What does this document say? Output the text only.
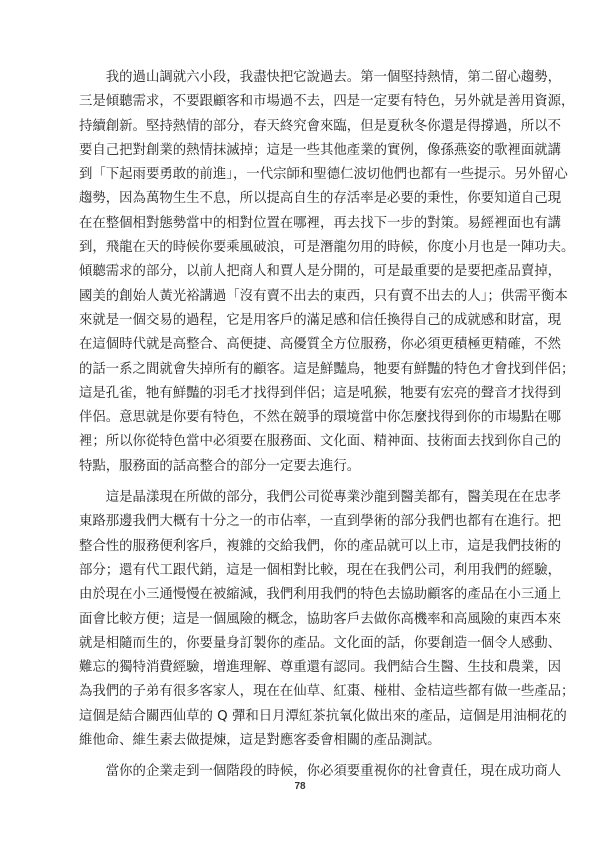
　　我的過山調就六小段，我盡快把它說過去。第一個堅持熱情，第二留心趨勢，
三是傾聽需求，不要跟顧客和市場過不去，四是一定要有特色，另外就是善用資源，
持續創新。堅持熱情的部分，春天終究會來臨，但是夏秋冬你還是得撐過，所以不
要自己把對創業的熱情抹滅掉；這是一些其他產業的實例，像孫燕姿的歌裡面就講
到「下起雨要勇敢的前進」，一代宗師和聖德仁波切他們也都有一些提示。另外留心
趨勢，因為萬物生生不息，所以提高自生的存活率是必要的秉性，你要知道自己現
在在整個相對態勢當中的相對位置在哪裡，再去找下一步的對策。易經裡面也有講
到，飛龍在天的時候你要乘風破浪，可是潛龍勿用的時候，你度小月也是一陣功夫。
傾聽需求的部分，以前人把商人和賈人是分開的，可是最重要的是要把產品賣掉，
國美的創始人黃光裕講過「沒有賣不出去的東西，只有賣不出去的人」；供需平衡本
來就是一個交易的過程，它是用客戶的滿足感和信任換得自己的成就感和財富，現
在這個時代就是高整合、高便捷、高優質全方位服務，你必須更積極更精確，不然
的話一系之間就會失掉所有的顧客。這是鮮豔鳥，牠要有鮮豔的特色才會找到伴侶；
這是孔雀，牠有鮮豔的羽毛才找得到伴侶；這是吼猴，牠要有宏亮的聲音才找得到
伴侶。意思就是你要有特色，不然在競爭的環境當中你怎麼找得到你的市場點在哪
裡；所以你從特色當中必須要在服務面、文化面、精神面、技術面去找到你自己的
特點，服務面的話高整合的部分一定要去進行。
　　這是晶漾現在所做的部分，我們公司從專業沙龍到醫美都有，醫美現在在忠孝
東路那邊我們大概有十分之一的市佔率，一直到學術的部分我們也都有在進行。把
整合性的服務便利客戶，複雜的交給我們，你的產品就可以上市，這是我們技術的
部分；還有代工跟代銷，這是一個相對比較，現在在我們公司，利用我們的經驗，
由於現在小三通慢慢在被縮減，我們利用我們的特色去協助顧客的產品在小三通上
面會比較方便；這是一個風險的概念，協助客戶去做你高機率和高風險的東西本來
就是相隨而生的，你要量身訂製你的產品。文化面的話，你要創造一個令人感動、
難忘的獨特消費經驗，增進理解、尊重還有認同。我們結合生醫、生技和農業，因
為我們的子弟有很多客家人，現在在仙草、紅棗、椪柑、金桔這些都有做一些產品；
這個是結合關西仙草的 Q 彈和日月潭紅茶抗氧化做出來的產品，這個是用油桐花的
維他命、維生素去做提煉，這是對應客委會相關的產品測試。
　　當你的企業走到一個階段的時候，你必須要重視你的社會責任，現在成功商人
78
